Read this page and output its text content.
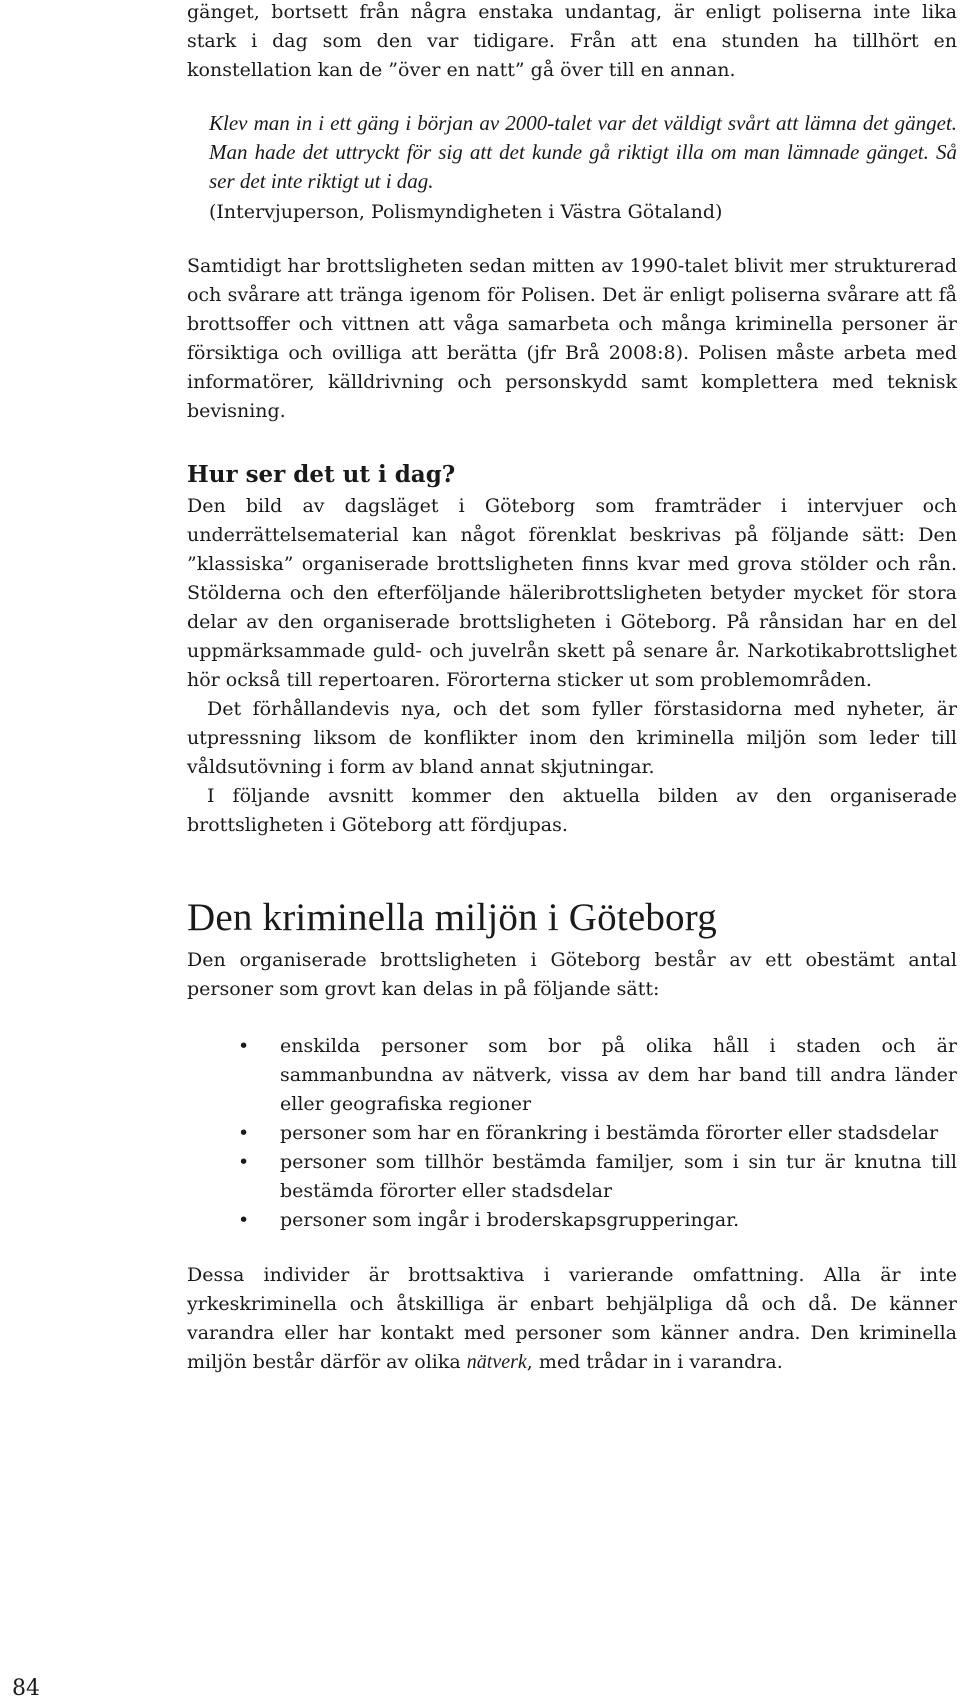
gänget, bortsett från några enstaka undantag, är enligt poliserna inte lika stark i dag som den var tidigare. Från att ena stunden ha tillhört en konstellation kan de ”över en natt” gå över till en annan.

Klev man in i ett gäng i början av 2000-talet var det väldigt svårt att lämna det gänget. Man hade det uttryckt för sig att det kunde gå riktigt illa om man lämnade gänget. Så ser det inte riktigt ut i dag.

(Intervjuperson, Polismyndigheten i Västra Götaland)

Samtidigt har brottsligheten sedan mitten av 1990-talet blivit mer strukturerad och svårare att tränga igenom för Polisen. Det är enligt poliserna svårare att få brottsoffer och vittnen att våga samarbeta och många kriminella personer är försiktiga och ovilliga att berätta (jfr Brå 2008:8). Polisen måste arbeta med informatörer, källdrivning och personskydd samt komplettera med teknisk bevisning.

Hur ser det ut i dag?

Den bild av dagsläget i Göteborg som framträder i intervjuer och underrättelsematerial kan något förenklat beskrivas på följande sätt: Den ”klassiska” organiserade brottsligheten finns kvar med grova stölder och rån. Stölderna och den efterföljande häleribrottsligheten betyder mycket för stora delar av den organiserade brottsligheten i Göteborg. På rånsidan har en del uppmärksammade guld- och juvelrån skett på senare år. Narkotikabrottslighet hör också till repertoaren. Förorterna sticker ut som problemområden.

Det förhållandevis nya, och det som fyller förstasidorna med nyheter, är utpressning liksom de konflikter inom den kriminella miljön som leder till våldsutövning i form av bland annat skjutningar.

I följande avsnitt kommer den aktuella bilden av den organiserade brottsligheten i Göteborg att fördjupas.

Den kriminella miljön i Göteborg

Den organiserade brottsligheten i Göteborg består av ett obestämt antal personer som grovt kan delas in på följande sätt:

• enskilda personer som bor på olika håll i staden och är sammanbundna av nätverk, vissa av dem har band till andra länder eller geografiska regioner
• personer som har en förankring i bestämda förorter eller stadsdelar
• personer som tillhör bestämda familjer, som i sin tur är knutna till bestämda förorter eller stadsdelar
• personer som ingår i broderskapsgrupperingar.

Dessa individer är brottsaktiva i varierande omfattning. Alla är inte yrkeskriminella och åtskilliga är enbart behjälpliga då och då. De känner varandra eller har kontakt med personer som känner andra. Den kriminella miljön består därför av olika nätverk, med trådar in i varandra.

84
